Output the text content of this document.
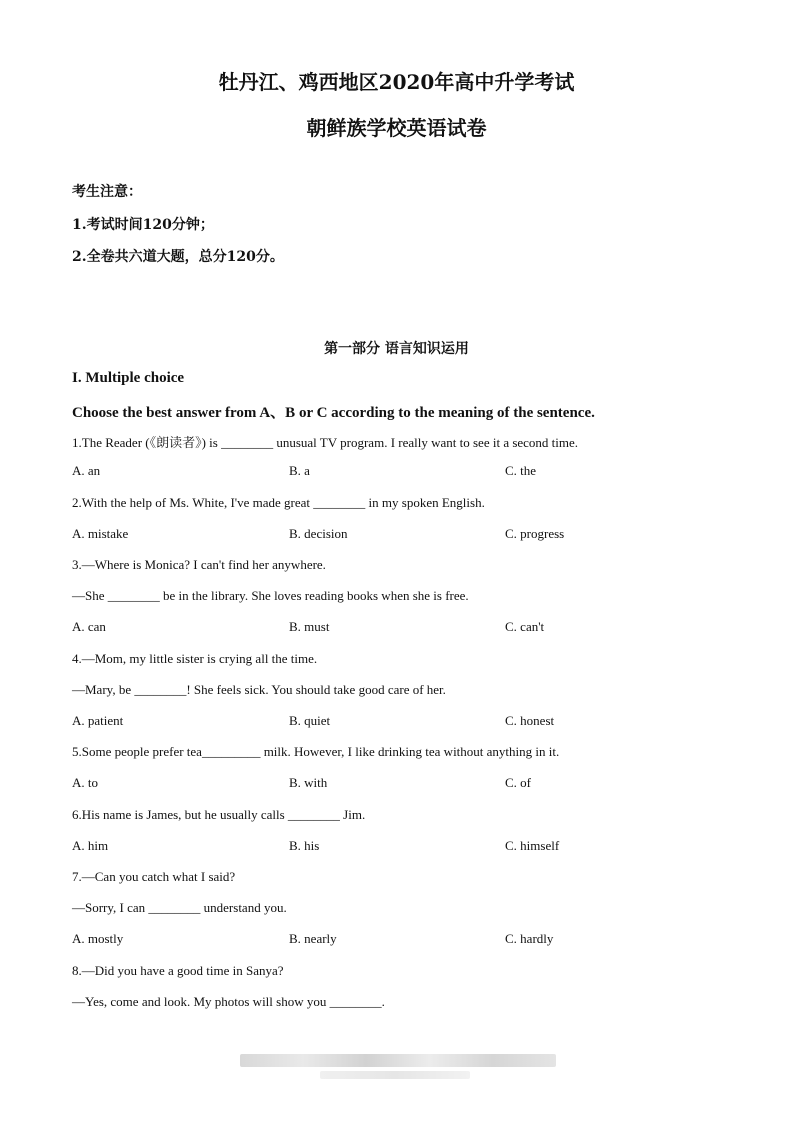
牡丹江、鸡西地区2020年高中升学考试
朝鲜族学校英语试卷
考生注意：
1.考试时间120分钟；
2.全卷共六道大题，总分120分。
第一部分 语言知识运用
I. Multiple choice
Choose the best answer from A、B or C according to the meaning of the sentence.
1.The Reader (《朗读者》) is ________ unusual TV program. I really want to see it a second time.
A. an	B. a	C. the
2.With the help of Ms. White, I've made great ________ in my spoken English.
A. mistake	B. decision	C. progress
3.—Where is Monica? I can't find her anywhere.
—She ________ be in the library. She loves reading books when she is free.
A. can	B. must	C. can't
4.—Mom, my little sister is crying all the time.
—Mary, be ________! She feels sick. You should take good care of her.
A. patient	B. quiet	C. honest
5.Some people prefer tea_________ milk. However, I like drinking tea without anything in it.
A. to	B. with	C. of
6.His name is James, but he usually calls ________ Jim.
A. him	B. his	C. himself
7.—Can you catch what I said?
—Sorry, I can ________ understand you.
A. mostly	B. nearly	C. hardly
8.—Did you have a good time in Sanya?
—Yes, come and look. My photos will show you ________.
